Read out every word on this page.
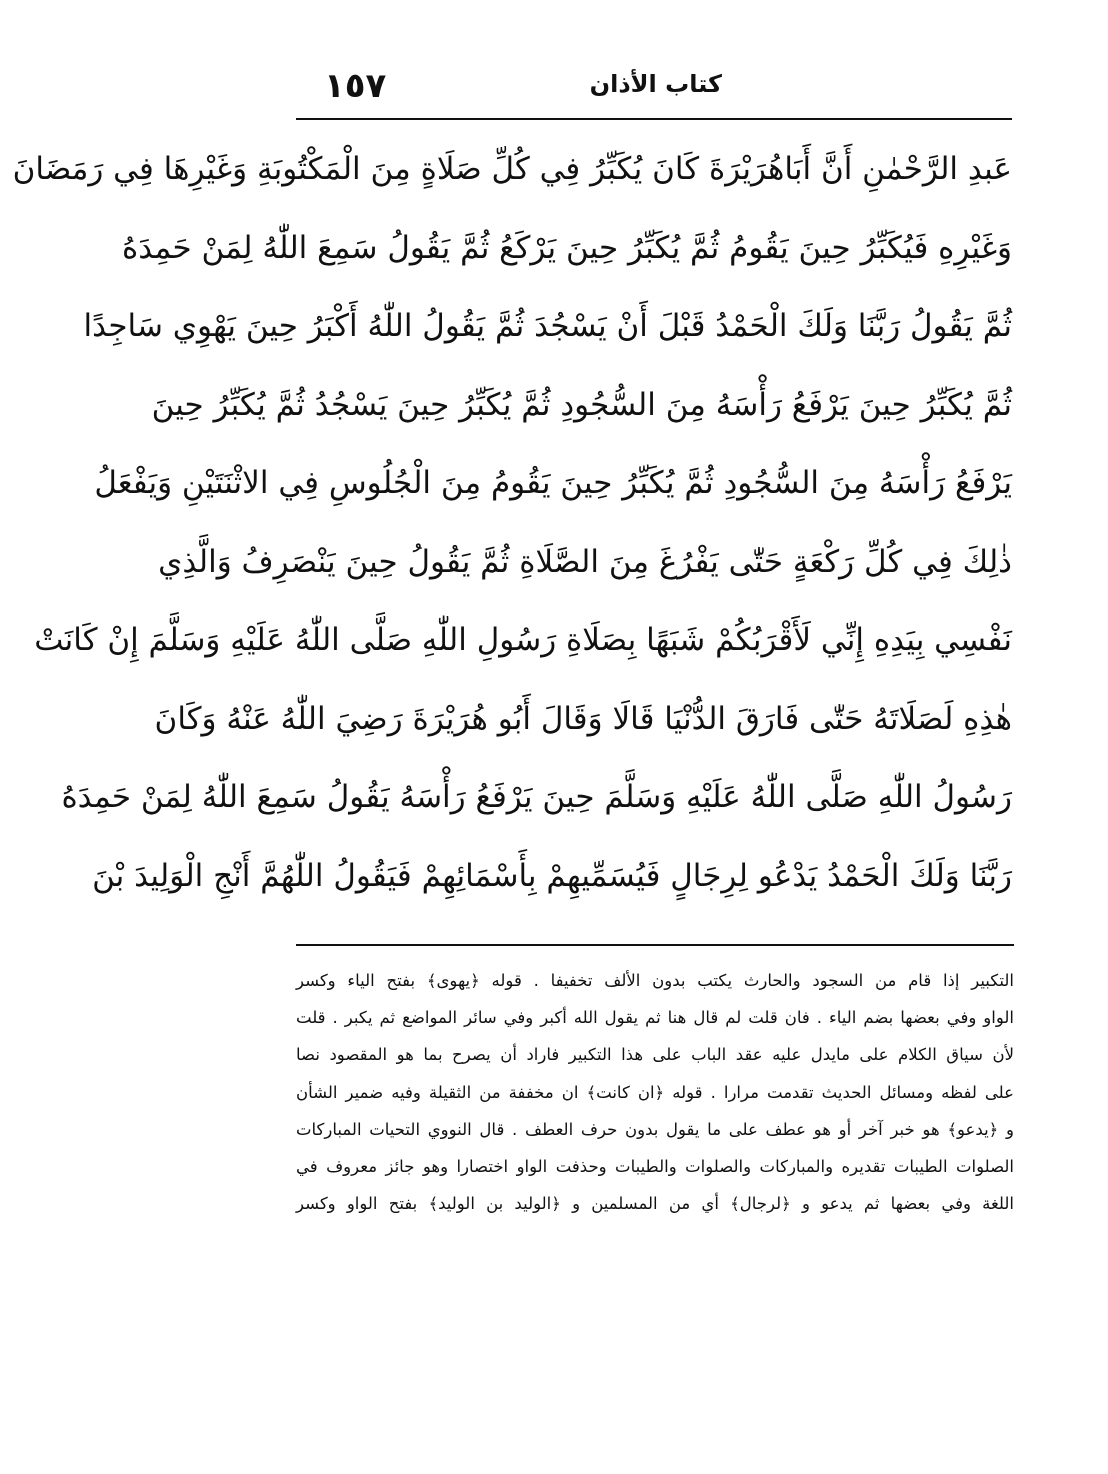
كتاب الأذان
١٥٧
عَبدِ الرَّحْمٰنِ أَنَّ أَبَاهُرَيْرَةَ كَانَ يُكَبِّرُ فِي كُلِّ صَلَاةٍ مِنَ الْمَكْتُوبَةِ وَغَيْرِهَا فِي رَمَضَانَ
وَغَيْرِهِ فَيُكَبِّرُ حِينَ يَقُومُ ثُمَّ يُكَبِّرُ حِينَ يَرْكَعُ ثُمَّ يَقُولُ سَمِعَ اللّٰهُ لِمَنْ حَمِدَهُ
ثُمَّ يَقُولُ رَبَّنَا وَلَكَ الْحَمْدُ قَبْلَ أَنْ يَسْجُدَ ثُمَّ يَقُولُ اللّٰهُ أَكْبَرُ حِينَ يَهْوِي سَاجِدًا
ثُمَّ يُكَبِّرُ حِينَ يَرْفَعُ رَأْسَهُ مِنَ السُّجُودِ ثُمَّ يُكَبِّرُ حِينَ يَسْجُدُ ثُمَّ يُكَبِّرُ حِينَ
يَرْفَعُ رَأْسَهُ مِنَ السُّجُودِ ثُمَّ يُكَبِّرُ حِينَ يَقُومُ مِنَ الْجُلُوسِ فِي الاثْنَتَيْنِ وَيَفْعَلُ
ذٰلِكَ فِي كُلِّ رَكْعَةٍ حَتّٰى يَفْرُغَ مِنَ الصَّلَاةِ ثُمَّ يَقُولُ حِينَ يَنْصَرِفُ وَالَّذِي
نَفْسِي بِيَدِهِ إِنِّي لَأَقْرَبُكُمْ شَبَهًا بِصَلَاةِ رَسُولِ اللّٰهِ صَلَّى اللّٰهُ عَلَيْهِ وَسَلَّمَ إِنْ كَانَتْ
هٰذِهِ لَصَلَاتَهُ حَتّٰى فَارَقَ الدُّنْيَا قَالَا وَقَالَ أَبُو هُرَيْرَةَ رَضِيَ اللّٰهُ عَنْهُ وَكَانَ
رَسُولُ اللّٰهِ صَلَّى اللّٰهُ عَلَيْهِ وَسَلَّمَ حِينَ يَرْفَعُ رَأْسَهُ يَقُولُ سَمِعَ اللّٰهُ لِمَنْ حَمِدَهُ
رَبَّنَا وَلَكَ الْحَمْدُ يَدْعُو لِرِجَالٍ فَيُسَمِّيهِمْ بِأَسْمَائِهِمْ فَيَقُولُ اللّٰهُمَّ أَنْجِ الْوَلِيدَ بْنَ
التكبير إذا قام من السجود والحارث يكتب بدون الألف تخفيفا . قوله ﴿يهوى﴾ بفتح الياء وكسر
الواو وفي بعضها بضم الياء . فان قلت لم قال هنا ثم يقول الله أكبر وفي سائر المواضع ثم يكبر . قلت
لأن سياق الكلام على مايدل عليه عقد الباب على هذا التكبير فاراد أن يصرح بما هو المقصود نصا
على لفظه ومسائل الحديث تقدمت مرارا . قوله ﴿ان كانت﴾ ان مخففة من الثقيلة وفيه ضمير الشأن
و ﴿يدعو﴾ هو خبر آخر أو هو عطف على ما يقول بدون حرف العطف . قال النووي التحيات المباركات
الصلوات الطيبات تقديره والمباركات والصلوات والطيبات وحذفت الواو اختصارا وهو جائز معروف في
اللغة وفي بعضها ثم يدعو و ﴿لرجال﴾ أي من المسلمين و ﴿الوليد بن الوليد﴾ بفتح الواو وكسر
